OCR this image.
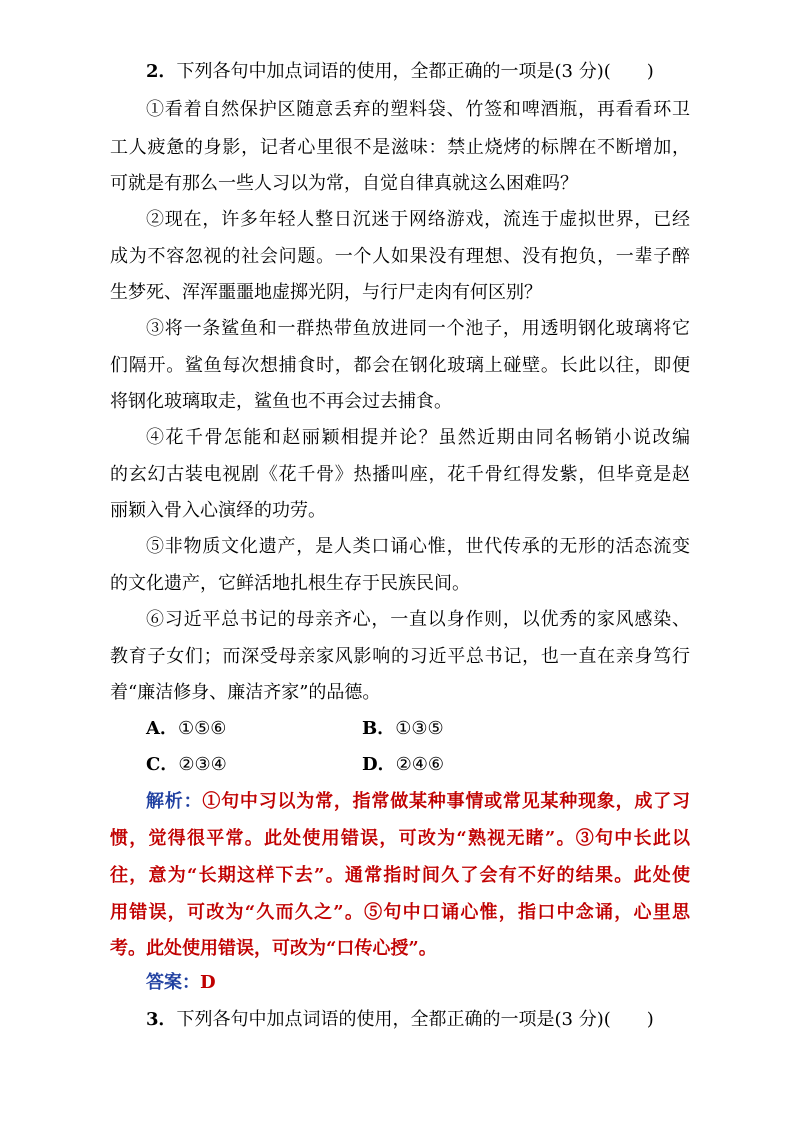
2．下列各句中加点词语的使用，全都正确的一项是(3 分)(　　)
①看着自然保护区随意丢弃的塑料袋、竹签和啤酒瓶，再看看环卫
工人疲惫的身影，记者心里很不是滋味：禁止烧烤的标牌在不断增加，
可就是有那么一些人习以为常，自觉自律真就这么困难吗？
②现在，许多年轻人整日沉迷于网络游戏，流连于虚拟世界，已经
成为不容忽视的社会问题。一个人如果没有理想、没有抱负，一辈子醉
生梦死、浑浑噩噩地虚掷光阴，与行尸走肉有何区别？
③将一条鲨鱼和一群热带鱼放进同一个池子，用透明钢化玻璃将它
们隔开。鲨鱼每次想捕食时，都会在钢化玻璃上碰壁。长此以往，即便
将钢化玻璃取走，鲨鱼也不再会过去捕食。
④花千骨怎能和赵丽颖相提并论？虽然近期由同名畅销小说改编
的玄幻古装电视剧《花千骨》热播叫座，花千骨红得发紫，但毕竟是赵
丽颖入骨入心演绎的功劳。
⑤非物质文化遗产，是人类口诵心惟，世代传承的无形的活态流变
的文化遗产，它鲜活地扎根生存于民族民间。
⑥习近平总书记的母亲齐心，一直以身作则，以优秀的家风感染、
教育子女们；而深受母亲家风影响的习近平总书记，也一直在亲身笃行
着“廉洁修身、廉洁齐家”的品德。
A．①⑤⑥	B．①③⑤
C．②③④	D．②④⑥
解析：①句中习以为常，指常做某种事情或常见某种现象，成了习
惯，觉得很平常。此处使用错误，可改为“熟视无睹”。③句中长此以
往，意为“长期这样下去”。通常指时间久了会有不好的结果。此处使
用错误，可改为“久而久之”。⑤句中口诵心惟，指口中念诵，心里思
考。此处使用错误，可改为“口传心授”。
答案：D
3．下列各句中加点词语的使用，全都正确的一项是(3 分)(　　)
